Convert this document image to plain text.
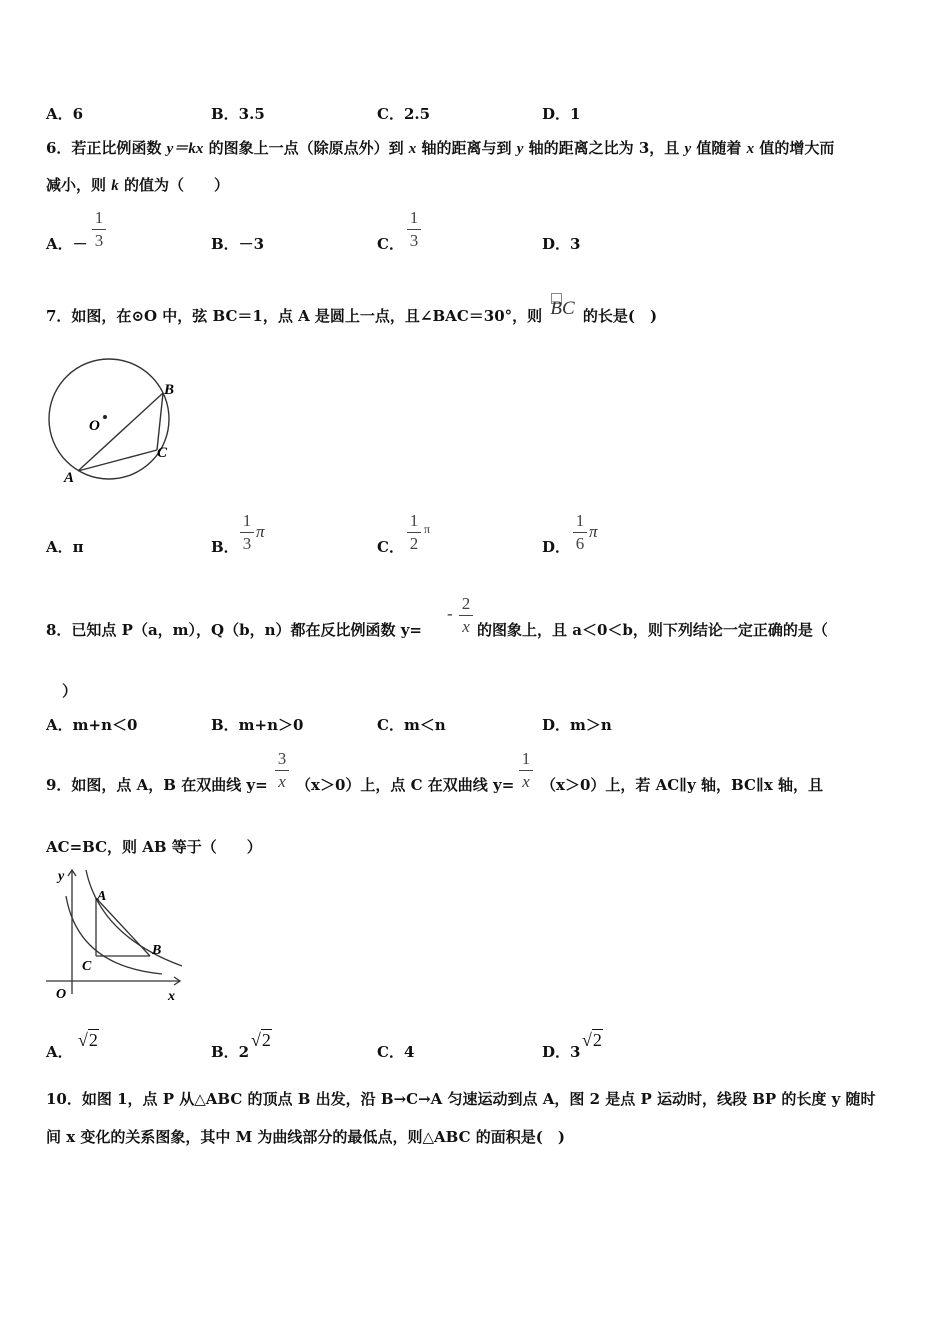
A．6	B．3.5	C．2.5	D．1
6．若正比例函数 y＝kx 的图象上一点（除原点外）到 x 轴的距离与到 y 轴的距离之比为 3，且 y 值随着 x 值的增大而
减小，则 k 的值为（　　）
A．－
1
3	B．－3	C．
1
3	D．3
7．如图，在⊙O 中，弦 BC＝1，点 A 是圆上一点，且∠BAC＝30°，则 BC 的长是(　)
B
O
C
A
A．π	B．
1
3
π
C．
1
2
π
D．
1
6
π
8．已知点 P（a，m），Q（b，n）都在反比例函数 y=
-
2
x 的图象上，且 a＜0＜b，则下列结论一定正确的是（
）
A．m+n＜0	B．m+n＞0	C．m＜n	D．m＞n
9．如图，点 A，B 在双曲线 y=
3
x （x＞0）上，点 C 在双曲线 y=
1
x （x＞0）上，若 AC∥y 轴，BC∥x 轴，且
AC=BC，则 AB 等于（　　）
y
A
B
C
O	x
A．
√2
B．2
√2
C．4	D．3
√2
10．如图 1，点 P 从△ABC 的顶点 B 出发，沿 B→C→A 匀速运动到点 A，图 2 是点 P 运动时，线段 BP 的长度 y 随时
间 x 变化的关系图象，其中 M 为曲线部分的最低点，则△ABC 的面积是(　)
